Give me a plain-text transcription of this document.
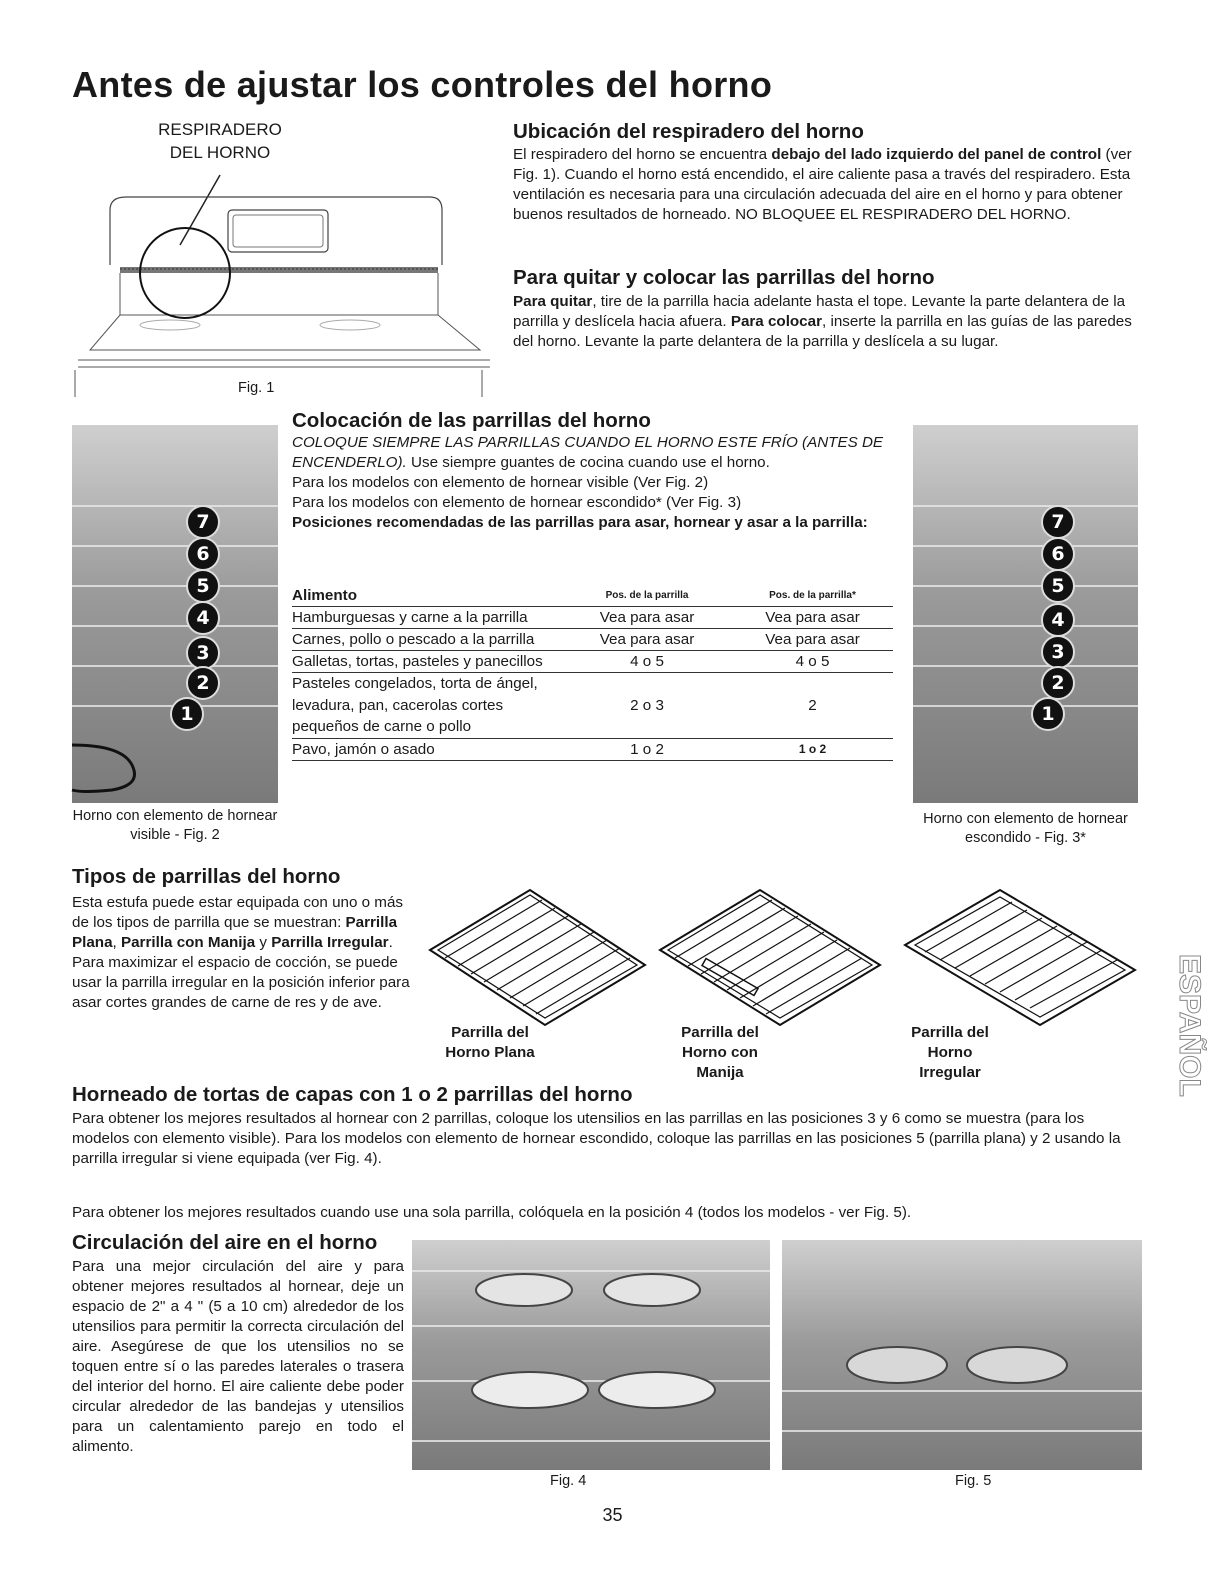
Antes de ajustar los controles del horno
RESPIRADERO
DEL HORNO
Fig. 1
Ubicación del respiradero del horno

El respiradero del horno se encuentra debajo del lado izquierdo del panel de control (ver Fig. 1). Cuando el horno está encendido, el aire caliente pasa a través del respiradero. Esta ventilación es necesaria para una circulación adecuada del aire en el horno y para obtener buenos resultados de horneado. NO BLOQUEE EL RESPIRADERO DEL HORNO.

Para quitar y colocar las parrillas del horno

Para quitar, tire de la parrilla hacia adelante hasta el tope. Levante la parte delantera de la parrilla y deslícela hacia afuera. Para colocar, inserte la parrilla en las guías de las paredes del horno. Levante la parte delantera de la parrilla y deslícela a su lugar.

7
6
5
4
3
2
1
Horno con elemento de hornear visible - Fig. 2
7
6
5
4
3
2
1
Horno con elemento de hornear escondido - Fig. 3*
Colocación de las parrillas del horno

COLOQUE SIEMPRE LAS PARRILLAS CUANDO EL HORNO ESTE FRÍO (ANTES DE ENCENDERLO). Use siempre guantes de cocina cuando use el horno.
Para los modelos con elemento de hornear visible (Ver Fig. 2)
Para los modelos con elemento de hornear escondido* (Ver Fig. 3)
Posiciones recomendadas de las parrillas para asar, hornear y asar a la parrilla:

Alimento	Pos. de la parrilla	Pos. de la parrilla*
Hamburguesas y carne a la parrilla	Vea para asar	Vea para asar
Carnes, pollo o pescado a la parrilla	Vea para asar	Vea para asar
Galletas, tortas, pasteles y panecillos	4 o 5	4 o 5
Pasteles congelados, torta de ángel, levadura, pan, cacerolas cortes pequeños de carne o pollo	2 o 3	2
Pavo, jamón o asado	1 o 2	1 o 2
Tipos de parrillas del horno

Esta estufa puede estar equipada con uno o más de los tipos de parrilla que se muestran: Parrilla Plana, Parrilla con Manija y Parrilla Irregular. Para maximizar el espacio de cocción, se puede usar la parrilla irregular en la posición inferior para asar cortes grandes de carne de res y de ave.

Parrilla del Horno Plana
Parrilla del Horno con Manija
Parrilla del Horno Irregular
Horneado de tortas de capas con 1 o 2 parrillas del horno

Para obtener los mejores resultados al hornear con 2 parrillas, coloque los utensilios en las parrillas en las posiciones 3 y 6 como se muestra (para los modelos con elemento visible). Para los modelos con elemento de hornear escondido, coloque las parrillas en las posiciones 5 (parrilla plana) y 2 usando la parrilla irregular si viene equipada (ver Fig. 4).

Para obtener los mejores resultados cuando use una sola parrilla, colóquela en la posición 4 (todos los modelos - ver Fig. 5).

Circulación del aire en el horno

Para una mejor circulación del aire y para obtener mejores resultados al hornear, deje un espacio de 2" a 4 " (5 a 10 cm) alrededor de los utensilios para permitir la correcta circulación del aire. Asegúrese de que los utensilios no se toquen entre sí o las paredes laterales o trasera del interior del horno. El aire caliente debe poder circular alrededor de las bandejas y utensilios para un calentamiento parejo en todo el alimento.

Fig. 4	Fig. 5
ESPAÑOL
35
